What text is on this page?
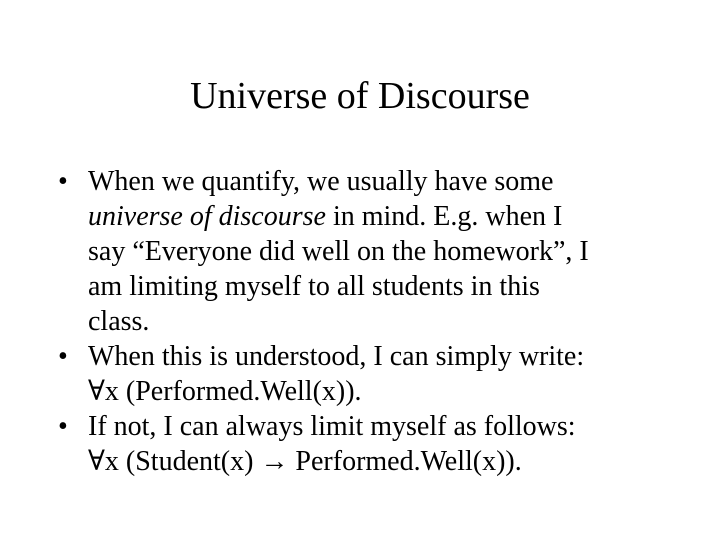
Universe of Discourse
• When we quantify, we usually have some
universe of discourse in mind. E.g. when I
say “Everyone did well on the homework”, I
am limiting myself to all students in this
class.
• When this is understood, I can simply write:
∀x (Performed.Well(x)).
• If not, I can always limit myself as follows:
∀x (Student(x) → Performed.Well(x)).
